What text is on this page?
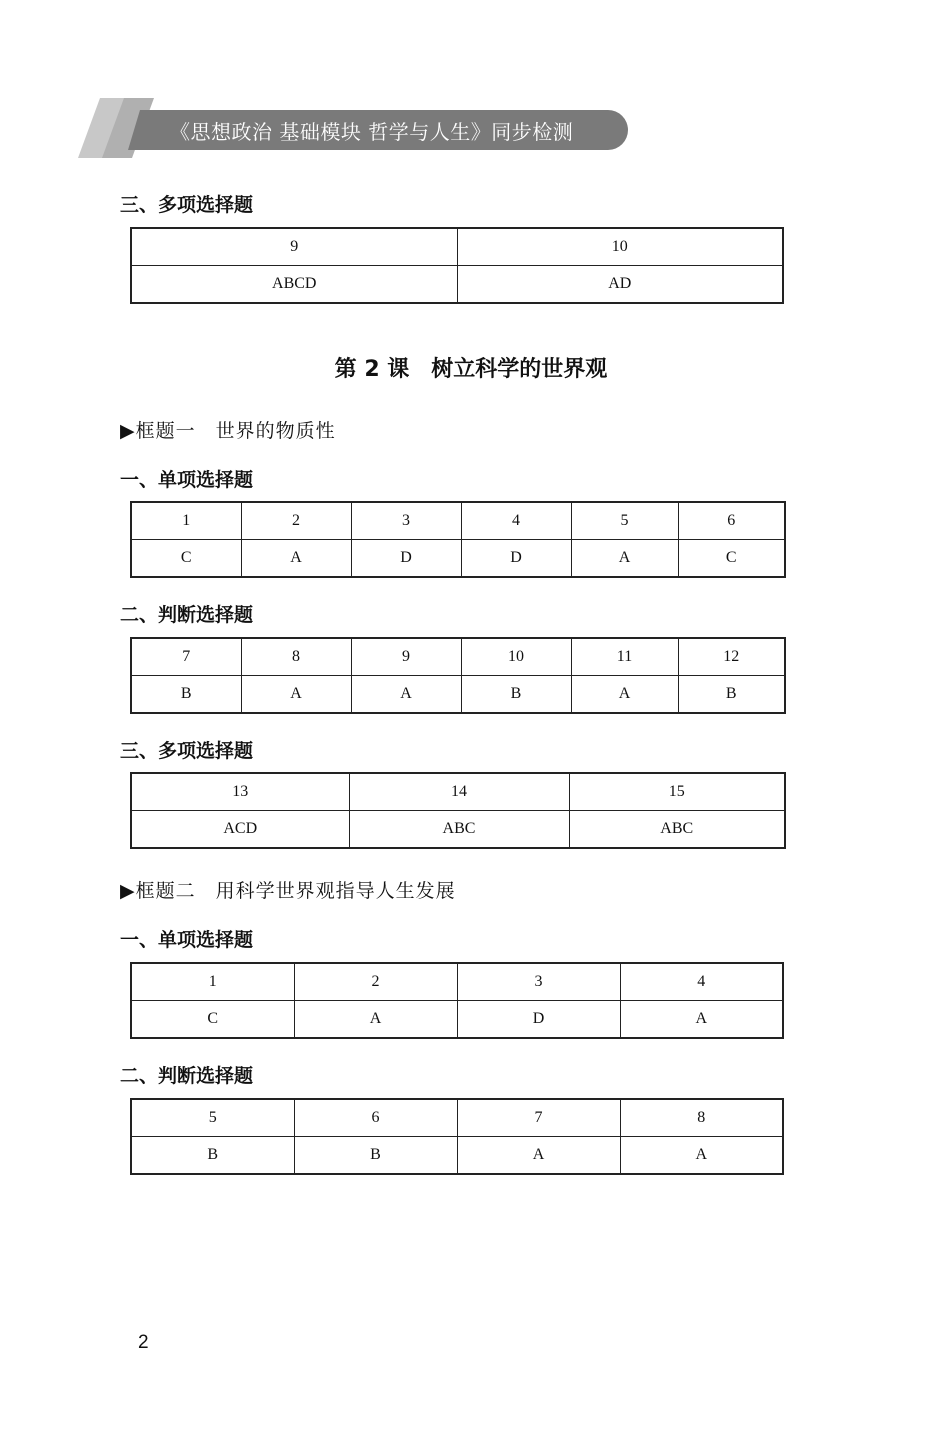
《思想政治 基础模块 哲学与人生》同步检测
三、多项选择题
9	10
ABCD	AD
第 2 课　树立科学的世界观
▶框题一　世界的物质性
一、单项选择题
1	2	3	4	5	6
C	A	D	D	A	C
二、判断选择题
7	8	9	10	11	12
B	A	A	B	A	B
三、多项选择题
13	14	15
ACD	ABC	ABC
▶框题二　用科学世界观指导人生发展
一、单项选择题
1	2	3	4
C	A	D	A
二、判断选择题
5	6	7	8
B	B	A	A
2
